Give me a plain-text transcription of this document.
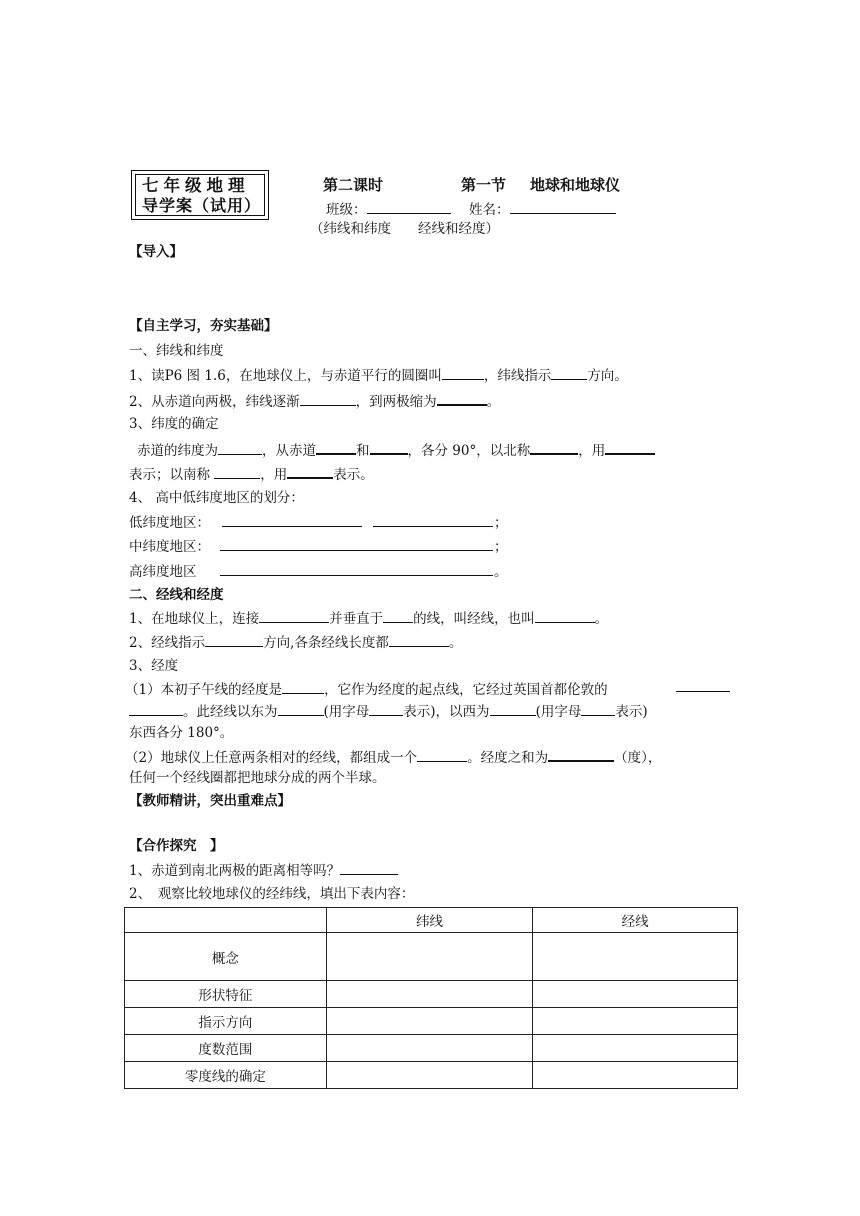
七年级地理
导学案（试用）
第二课时	第一节 地球和地球仪
班级：	姓名：
（纬线和纬度　　经线和经度）
【导入】
【自主学习，夯实基础】
一、纬线和纬度
1、读P6 图 1.6，在地球仪上，与赤道平行的圆圈叫	，纬线指示	方向。
2、从赤道向两极，纬线逐渐	，到两极缩为	。
3、纬度的确定
赤道的纬度为	，从赤道	和	，各分 90°，以北称	，用
表示；以南称	，用	表示。
4、 高中低纬度地区的划分：
低纬度地区：	；
中纬度地区：	；
高纬度地区	。
二、经线和经度
1、在地球仪上，连接	并垂直于 的线，叫经线，也叫	。
2、经线指示	方向,各条经线长度都	。
3、经度
（1）本初子午线的经度是	，它作为经度的起点线，它经过英国首都伦敦的
。此经线以东为	(用字母	表示)，以西为	(用字母	表示)
东西各分 180°。
（2）地球仪上任意两条相对的经线，都组成一个	。经度之和为	（度），
任何一个经线圈都把地球分成的两个半球。
【教师精讲，突出重难点】
【合作探究　】
1、赤道到南北两极的距离相等吗？
2、　观察比较地球仪的经纬线，填出下表内容：
	纬线	经线
概念		
形状特征		
指示方向		
度数范围		
零度线的确定		
